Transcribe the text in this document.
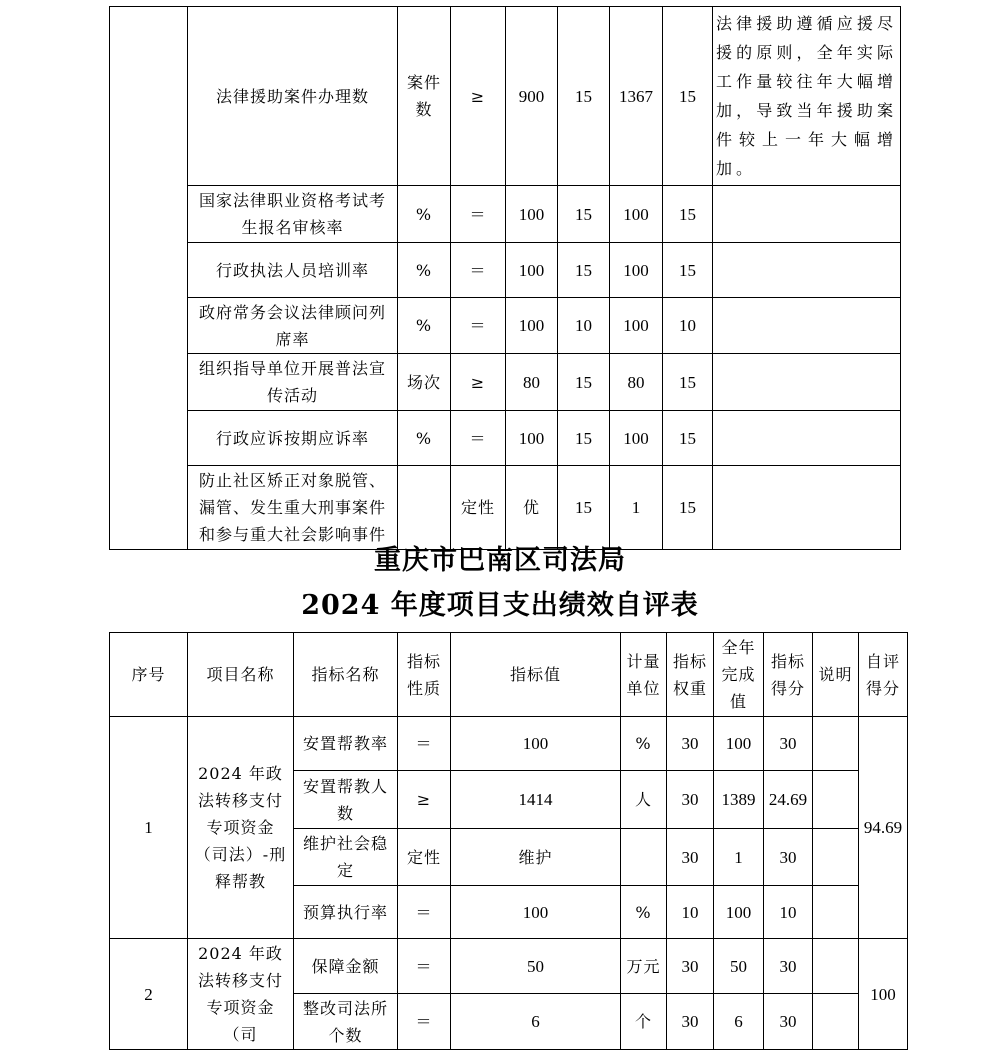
	法律援助案件办理数	案件数	≥	900	15	1367	15	法律援助遵循应援尽援的原则，全年实际工作量较往年大幅增加，导致当年援助案件较上一年大幅增加。
	国家法律职业资格考试考生报名审核率	%	＝	100	15	100	15	
	行政执法人员培训率	%	＝	100	15	100	15	
	政府常务会议法律顾问列席率	%	＝	100	10	100	10	
	组织指导单位开展普法宣传活动	场次	≥	80	15	80	15	
	行政应诉按期应诉率	%	＝	100	15	100	15	
	防止社区矫正对象脱管、漏管、发生重大刑事案件和参与重大社会影响事件		定性	优	15	1	15	
重庆市巴南区司法局
2024 年度项目支出绩效自评表
序号	项目名称	指标名称	指标性质	指标值	计量单位	指标权重	全年完成值	指标得分	说明	自评得分
1	2024 年政法转移支付专项资金（司法）-刑释帮教	安置帮教率	＝	100	%	30	100	30		94.69
		安置帮教人数	≥	1414	人	30	1389	24.69		
		维护社会稳定	定性	维护		30	1	30		
		预算执行率	＝	100	%	10	100	10		
2	2024 年政法转移支付专项资金（司	保障金额	＝	50	万元	30	50	30		100
		整改司法所个数	＝	6	个	30	6	30		
